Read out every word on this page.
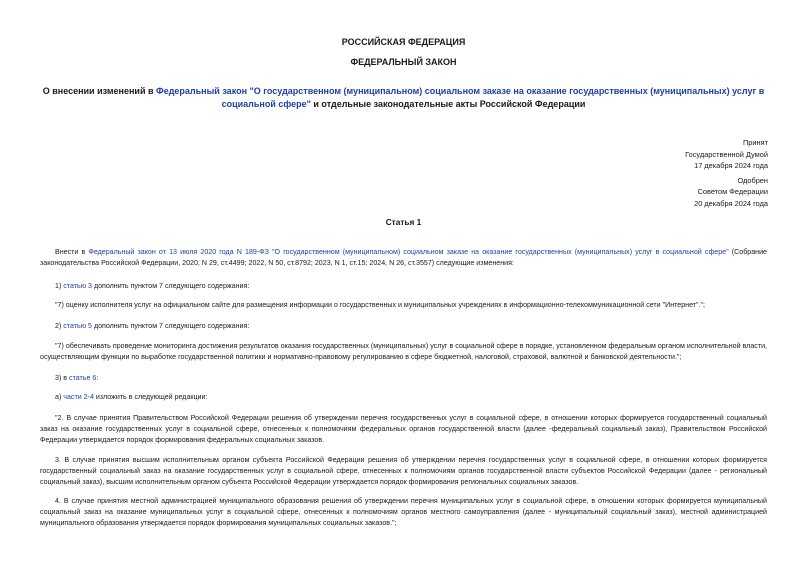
РОССИЙСКАЯ ФЕДЕРАЦИЯ
ФЕДЕРАЛЬНЫЙ ЗАКОН
О внесении изменений в Федеральный закон "О государственном (муниципальном) социальном заказе на оказание государственных (муниципальных) услуг в социальной сфере" и отдельные законодательные акты Российской Федерации
Принят
Государственной Думой
17 декабря 2024 года
Одобрен
Советом Федерации
20 декабря 2024 года
Статья 1
Внести в Федеральный закон от 13 июля 2020 года N 189-ФЗ "О государственном (муниципальном) социальном заказе на оказание государственных (муниципальных) услуг в социальной сфере" (Собрание законодательства Российской Федерации, 2020, N 29, ст.4499; 2022, N 50, ст.8792; 2023, N 1, ст.15; 2024, N 26, ст.3557) следующие изменения:
1) статью 3 дополнить пунктом 7 следующего содержания:
"7) оценку исполнителя услуг на официальном сайте для размещения информации о государственных и муниципальных учреждениях в информационно-телекоммуникационной сети "Интернет".";
2) статью 5 дополнить пунктом 7 следующего содержания:
"7) обеспечивать проведение мониторинга достижения результатов оказания государственных (муниципальных) услуг в социальной сфере в порядке, установленном федеральным органом исполнительной власти, осуществляющим функции по выработке государственной политики и нормативно-правовому регулированию в сфере бюджетной, налоговой, страховой, валютной и банковской деятельности.";
3) в статье 6:
а) части 2-4 изложить в следующей редакции:
"2. В случае принятия Правительством Российской Федерации решения об утверждении перечня государственных услуг в социальной сфере, в отношении которых формируется государственный социальный заказ на оказание государственных услуг в социальной сфере, отнесенных к полномочиям федеральных органов государственной власти (далее -федеральный социальный заказ), Правительством Российской Федерации утверждается порядок формирования федеральных социальных заказов.
3. В случае принятия высшим исполнительным органом субъекта Российской Федерации решения об утверждении перечня государственных услуг в социальной сфере, в отношении которых формируется государственный социальный заказ на оказание государственных услуг в социальной сфере, отнесенных к полномочиям органов государственной власти субъектов Российской Федерации (далее - региональный социальный заказ), высшим исполнительным органом субъекта Российской Федерации утверждается порядок формирования региональных социальных заказов.
4. В случае принятия местной администрацией муниципального образования решения об утверждении перечня муниципальных услуг в социальной сфере, в отношении которых формируется муниципальный социальный заказ на оказание муниципальных услуг в социальной сфере, отнесенных к полномочиям органов местного самоуправления (далее - муниципальный социальный заказ), местной администрацией муниципального образования утверждается порядок формирования муниципальных социальных заказов.";
